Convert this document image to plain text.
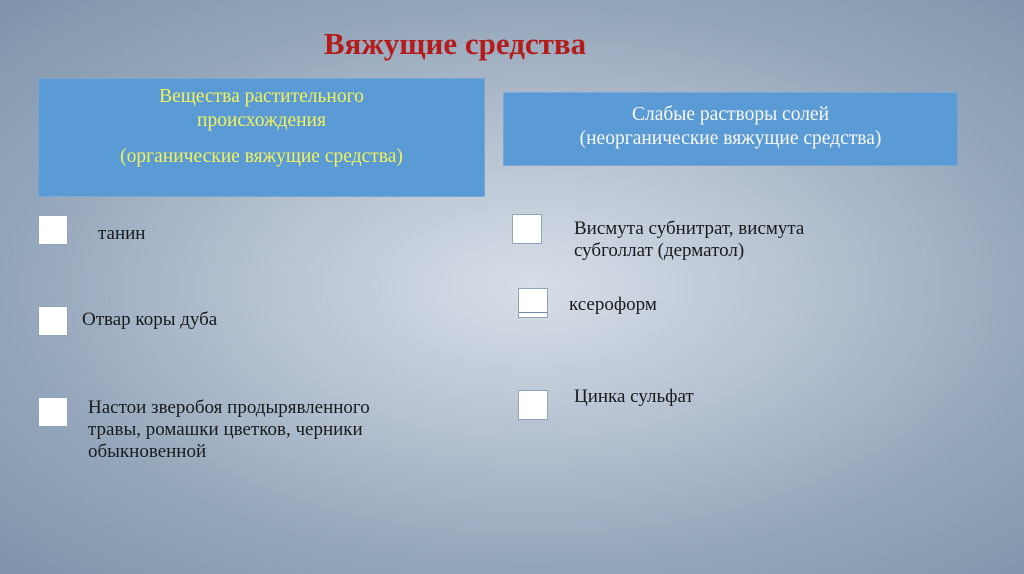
Вяжущие средства
Вещества растительного
происхождения
(органические вяжущие средства)
Слабые растворы солей
(неорганические вяжущие средства)
танин
Отвар коры дуба
Настои зверобоя продырявленного
травы, ромашки цветков, черники
обыкновенной
Висмута субнитрат, висмута
субголлат (дерматол)
ксероформ
Цинка сульфат
